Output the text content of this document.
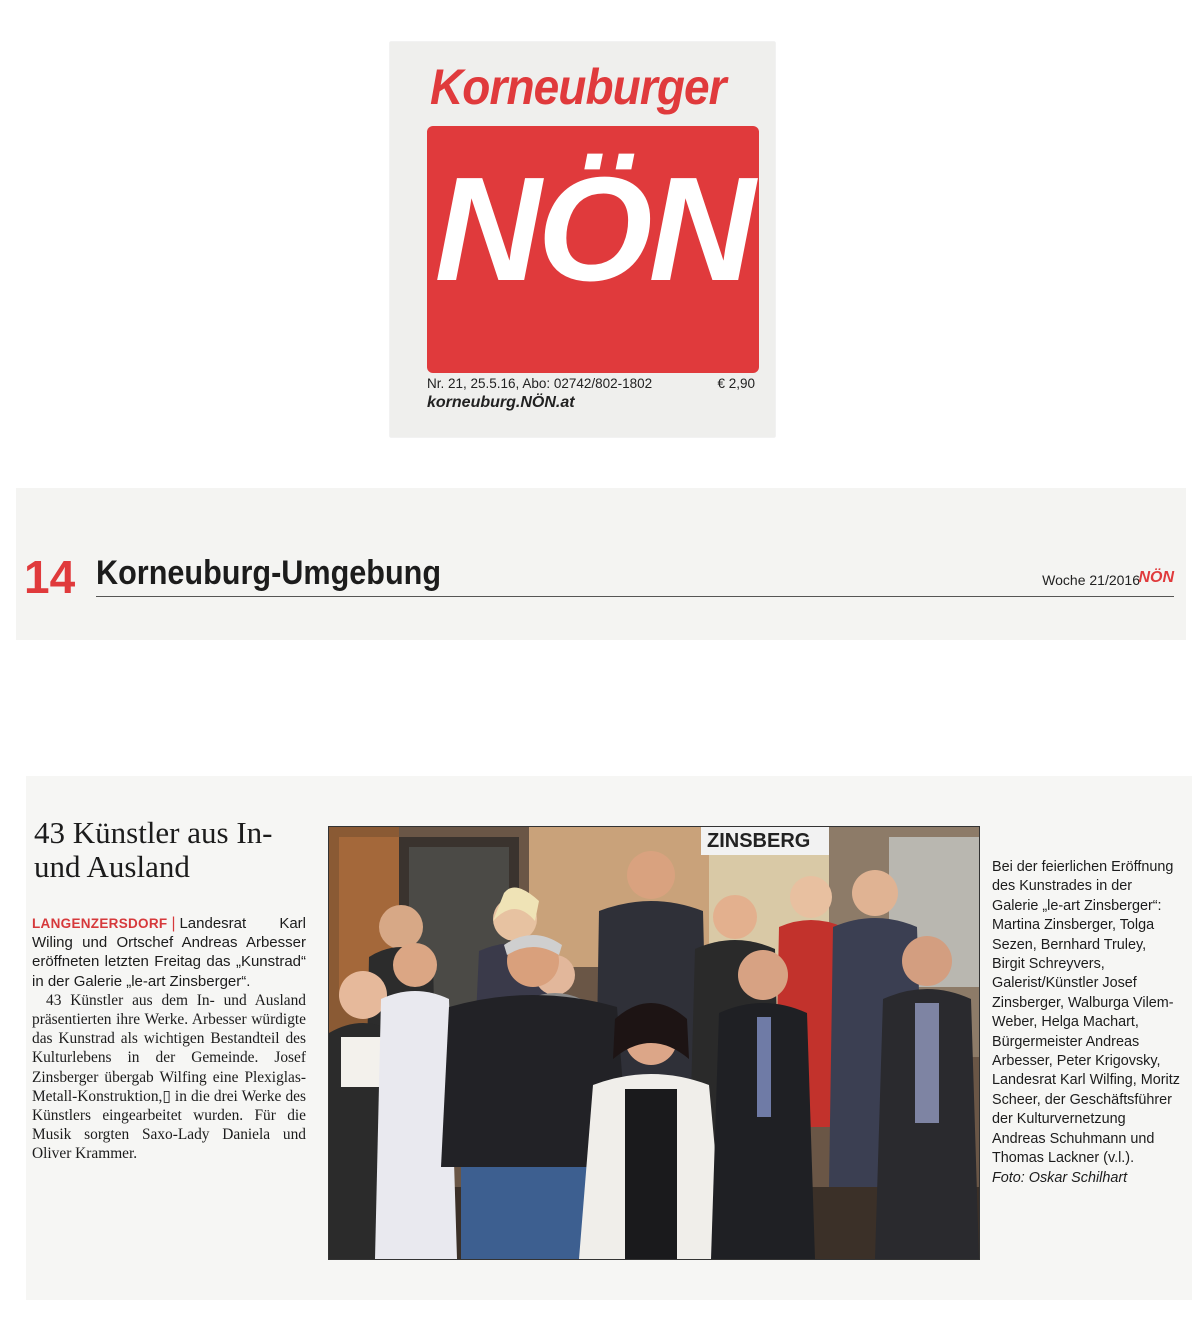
Korneuburger
NÖN
Nr. 21, 25.5.16, Abo: 02742/802-1802	€ 2,90
korneuburg.NÖN.at
14 Korneuburg-Umgebung	Woche 21/2016
NÖN
43 Künstler aus In- und Ausland

LANGENZERSDORF | Landesrat Karl Wiling und Ortschef Andreas Arbesser eröffneten letzten Freitag das „Kunstrad“ in der Galerie „le-art Zinsberger“.

43 Künstler aus dem In- und Ausland präsentierten ihre Werke. Arbesser würdigte das Kunstrad als wichtigen Bestandteil des Kulturlebens in der Gemeinde. Josef Zinsberger übergab Wilfing eine Plexiglas-Metall-Konstruktion,▯ in die drei Werke des Künstlers eingearbeitet wurden. Für die Musik sorgten Saxo-Lady Daniela und Oliver Krammer.

ZINSBERG
Bei der feierlichen Eröffnung des Kunstrades in der Galerie „le-art Zinsberger“: Martina Zinsberger, Tolga Sezen, Bernhard Truley, Birgit Schreyvers, Galerist/Künstler Josef Zinsberger, Walburga Vilem-Weber, Helga Machart, Bürgermeister Andreas Arbesser, Peter Krigovsky, Landesrat Karl Wilfing, Moritz Scheer, der Geschäftsführer der Kulturvernetzung Andreas Schuhmann und Thomas Lackner (v.l.).
Foto: Oskar Schilhart
